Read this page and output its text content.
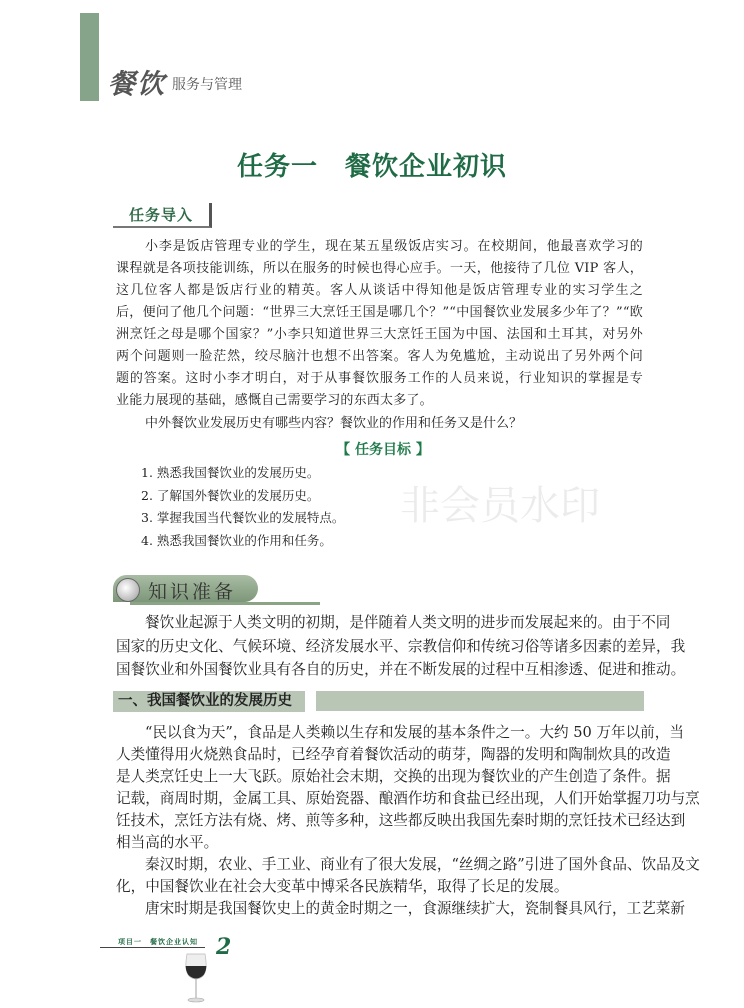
非会员水印
餐饮 服务与管理
任务一　餐饮企业初识
任务导入
小李是饭店管理专业的学生，现在某五星级饭店实习。在校期间，他最喜欢学习的
课程就是各项技能训练，所以在服务的时候也得心应手。一天，他接待了几位 VIP 客人，
这几位客人都是饭店行业的精英。客人从谈话中得知他是饭店管理专业的实习学生之
后，便问了他几个问题：“世界三大烹饪王国是哪几个？”“中国餐饮业发展多少年了？”“欧
洲烹饪之母是哪个国家？”小李只知道世界三大烹饪王国为中国、法国和土耳其，对另外
两个问题则一脸茫然，绞尽脑汁也想不出答案。客人为免尴尬，主动说出了另外两个问
题的答案。这时小李才明白，对于从事餐饮服务工作的人员来说，行业知识的掌握是专
业能力展现的基础，感慨自己需要学习的东西太多了。
中外餐饮业发展历史有哪些内容？餐饮业的作用和任务又是什么？
【 任务目标 】
1. 熟悉我国餐饮业的发展历史。
2. 了解国外餐饮业的发展历史。
3. 掌握我国当代餐饮业的发展特点。
4. 熟悉我国餐饮业的作用和任务。
知识准备
餐饮业起源于人类文明的初期，是伴随着人类文明的进步而发展起来的。由于不同
国家的历史文化、气候环境、经济发展水平、宗教信仰和传统习俗等诸多因素的差异，我
国餐饮业和外国餐饮业具有各自的历史，并在不断发展的过程中互相渗透、促进和推动。
一、我国餐饮业的发展历史
“民以食为天”，食品是人类赖以生存和发展的基本条件之一。大约 50 万年以前，当
人类懂得用火烧熟食品时，已经孕育着餐饮活动的萌芽，陶器的发明和陶制炊具的改造
是人类烹饪史上一大飞跃。原始社会末期，交换的出现为餐饮业的产生创造了条件。据
记载，商周时期，金属工具、原始瓷器、酿酒作坊和食盐已经出现，人们开始掌握刀功与烹
饪技术，烹饪方法有烧、烤、煎等多种，这些都反映出我国先秦时期的烹饪技术已经达到
相当高的水平。
秦汉时期，农业、手工业、商业有了很大发展，“丝绸之路”引进了国外食品、饮品及文
化，中国餐饮业在社会大变革中博采各民族精华，取得了长足的发展。
唐宋时期是我国餐饮史上的黄金时期之一，食源继续扩大，瓷制餐具风行，工艺菜新
项目一　餐饮企业认知 2
